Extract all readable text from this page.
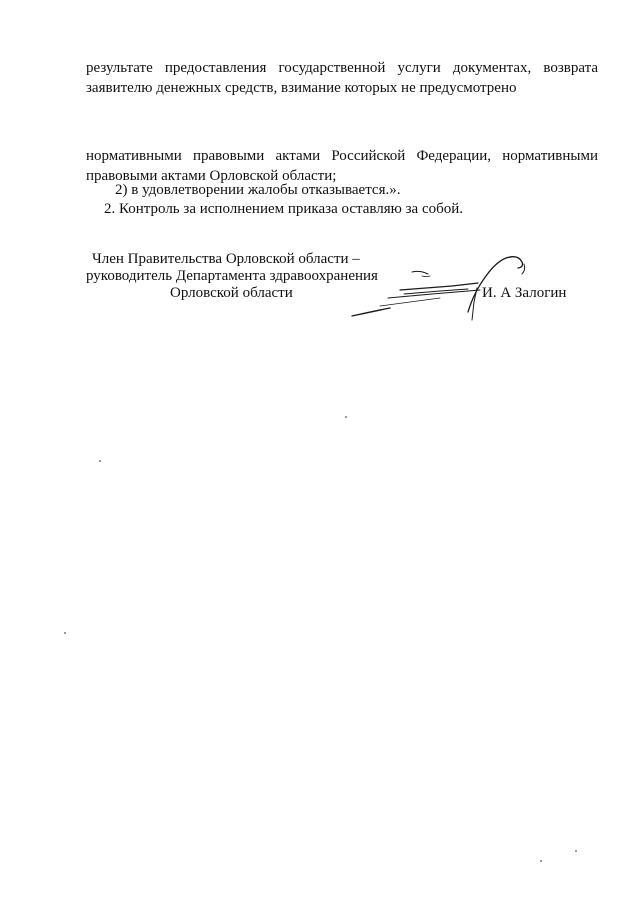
результате предоставления государственной услуги документах, возврата
заявителю денежных средств, взимание которых не предусмотрено
нормативными правовыми актами Российской Федерации, нормативными
правовыми актами Орловской области;
2) в удовлетворении жалобы отказывается.».
2. Контроль за исполнением приказа оставляю за собой.
Член Правительства Орловской области –
руководитель Департамента здравоохранения
Орловской области	И. А Залогин
